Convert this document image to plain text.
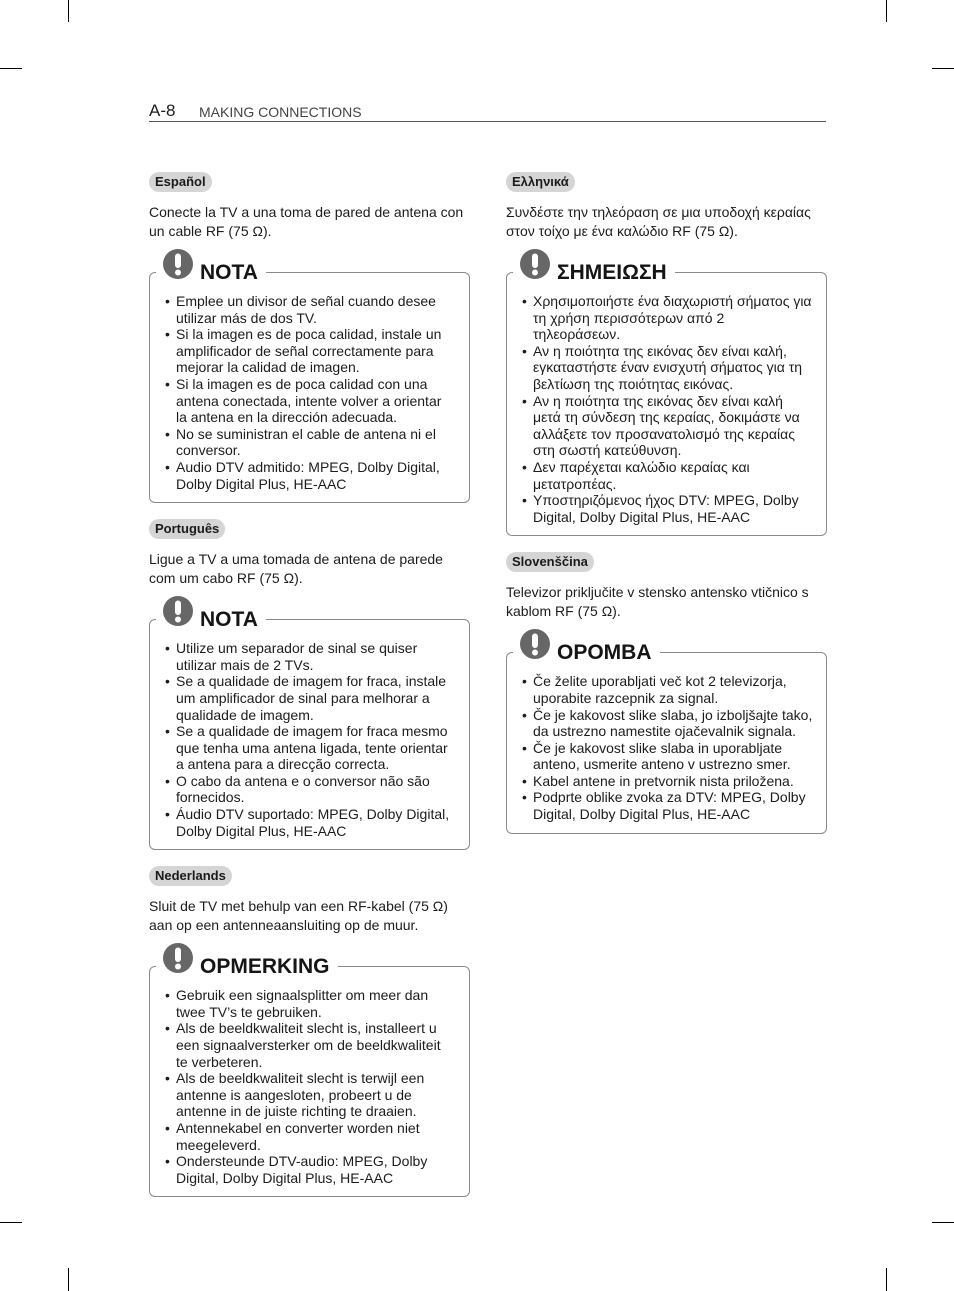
A-8 MAKING CONNECTIONS
Español

Conecte la TV a una toma de pared de antena con un cable RF (75 Ω).

NOTA
• Emplee un divisor de señal cuando desee utilizar más de dos TV.
• Si la imagen es de poca calidad, instale un amplificador de señal correctamente para mejorar la calidad de imagen.
• Si la imagen es de poca calidad con una antena conectada, intente volver a orientar la antena en la dirección adecuada.
• No se suministran el cable de antena ni el conversor.
• Audio DTV admitido: MPEG, Dolby Digital, Dolby Digital Plus, HE-AAC
Português

Ligue a TV a uma tomada de antena de parede com um cabo RF (75 Ω).

NOTA
• Utilize um separador de sinal se quiser utilizar mais de 2 TVs.
• Se a qualidade de imagem for fraca, instale um amplificador de sinal para melhorar a qualidade de imagem.
• Se a qualidade de imagem for fraca mesmo que tenha uma antena ligada, tente orientar a antena para a direcção correcta.
• O cabo da antena e o conversor não são fornecidos.
• Áudio DTV suportado: MPEG, Dolby Digital, Dolby Digital Plus, HE-AAC
Nederlands

Sluit de TV met behulp van een RF-kabel (75 Ω) aan op een antenneaansluiting op de muur.

OPMERKING
• Gebruik een signaalsplitter om meer dan twee TV’s te gebruiken.
• Als de beeldkwaliteit slecht is, installeert u een signaalversterker om de beeldkwaliteit te verbeteren.
• Als de beeldkwaliteit slecht is terwijl een antenne is aangesloten, probeert u de antenne in de juiste richting te draaien.
• Antennekabel en converter worden niet meegeleverd.
• Ondersteunde DTV-audio: MPEG, Dolby Digital, Dolby Digital Plus, HE-AAC
Ελληνικά

Συνδέστε την τηλεόραση σε μια υποδοχή κεραίας στον τοίχο με ένα καλώδιο RF (75 Ω).

ΣΗΜΕΙΩΣΗ
• Χρησιμοποιήστε ένα διαχωριστή σήματος για τη χρήση περισσότερων από 2 τηλεοράσεων.
• Αν η ποιότητα της εικόνας δεν είναι καλή, εγκαταστήστε έναν ενισχυτή σήματος για τη βελτίωση της ποιότητας εικόνας.
• Αν η ποιότητα της εικόνας δεν είναι καλή μετά τη σύνδεση της κεραίας, δοκιμάστε να αλλάξετε τον προσανατολισμό της κεραίας στη σωστή κατεύθυνση.
• Δεν παρέχεται καλώδιο κεραίας και μετατροπέας.
• Υποστηριζόμενος ήχος DTV: MPEG, Dolby Digital, Dolby Digital Plus, HE-AAC
Slovenščina

Televizor priključite v stensko antensko vtičnico s kablom RF (75 Ω).

OPOMBA
• Če želite uporabljati več kot 2 televizorja, uporabite razcepnik za signal.
• Če je kakovost slike slaba, jo izboljšajte tako, da ustrezno namestite ojačevalnik signala.
• Če je kakovost slike slaba in uporabljate anteno, usmerite anteno v ustrezno smer.
• Kabel antene in pretvornik nista priložena.
• Podprte oblike zvoka za DTV: MPEG, Dolby Digital, Dolby Digital Plus, HE-AAC
